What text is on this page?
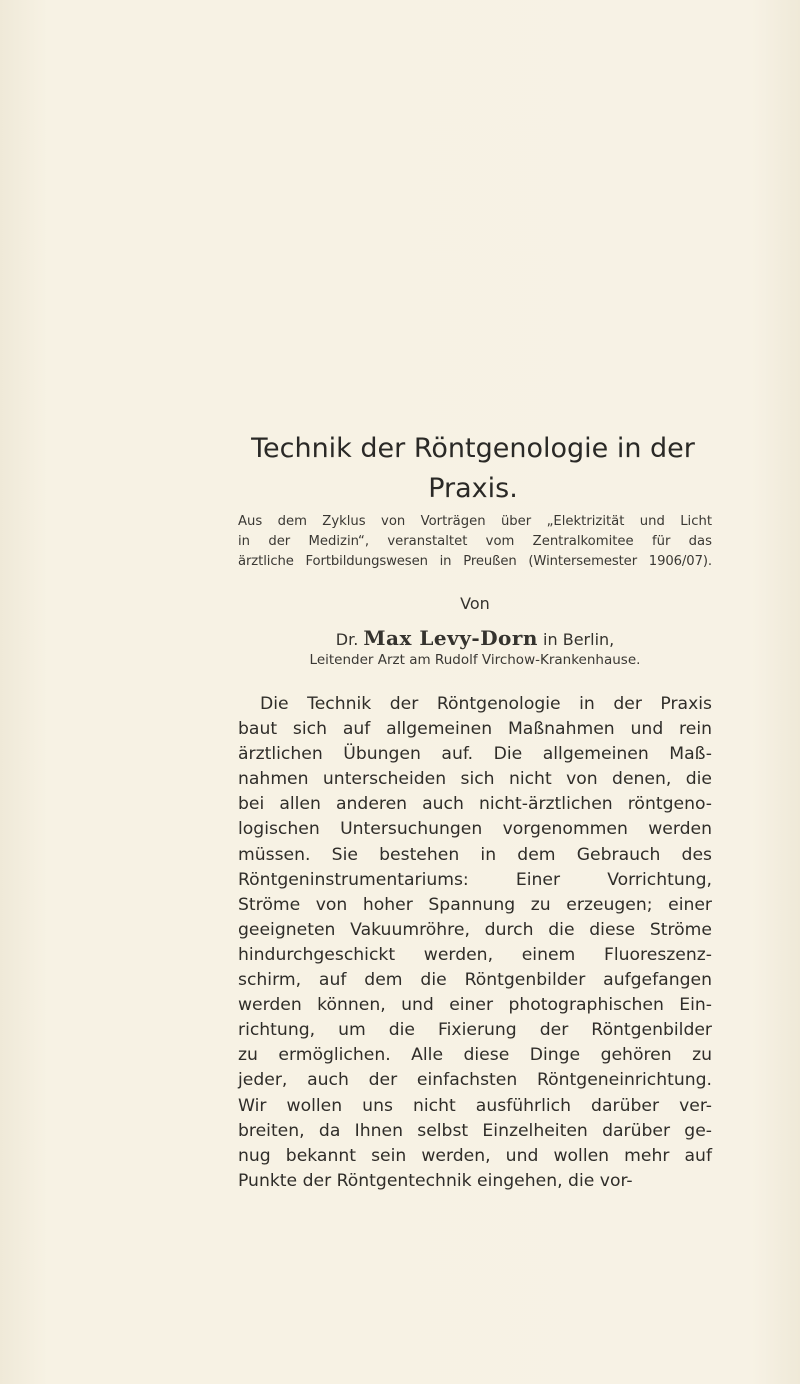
Technik der Röntgenologie in der
Praxis.
Aus dem Zyklus von Vorträgen über „Elektrizität und Licht
in der Medizin“, veranstaltet vom Zentralkomitee für das
ärztliche Fortbildungswesen in Preußen (Wintersemester 1906/07).
Von
Dr. Max Levy-Dorn in Berlin,
Leitender Arzt am Rudolf Virchow-Krankenhause.
Die Technik der Röntgenologie in der Praxis
baut sich auf allgemeinen Maßnahmen und rein
ärztlichen Übungen auf. Die allgemeinen Maß-
nahmen unterscheiden sich nicht von denen, die
bei allen anderen auch nicht-ärztlichen röntgeno-
logischen Untersuchungen vorgenommen werden
müssen. Sie bestehen in dem Gebrauch des
Röntgeninstrumentariums: Einer Vorrichtung,
Ströme von hoher Spannung zu erzeugen; einer
geeigneten Vakuumröhre, durch die diese Ströme
hindurchgeschickt werden, einem Fluoreszenz-
schirm, auf dem die Röntgenbilder aufgefangen
werden können, und einer photographischen Ein-
richtung, um die Fixierung der Röntgenbilder
zu ermöglichen. Alle diese Dinge gehören zu
jeder, auch der einfachsten Röntgeneinrichtung.
Wir wollen uns nicht ausführlich darüber ver-
breiten, da Ihnen selbst Einzelheiten darüber ge-
nug bekannt sein werden, und wollen mehr auf
Punkte der Röntgentechnik eingehen, die vor-
